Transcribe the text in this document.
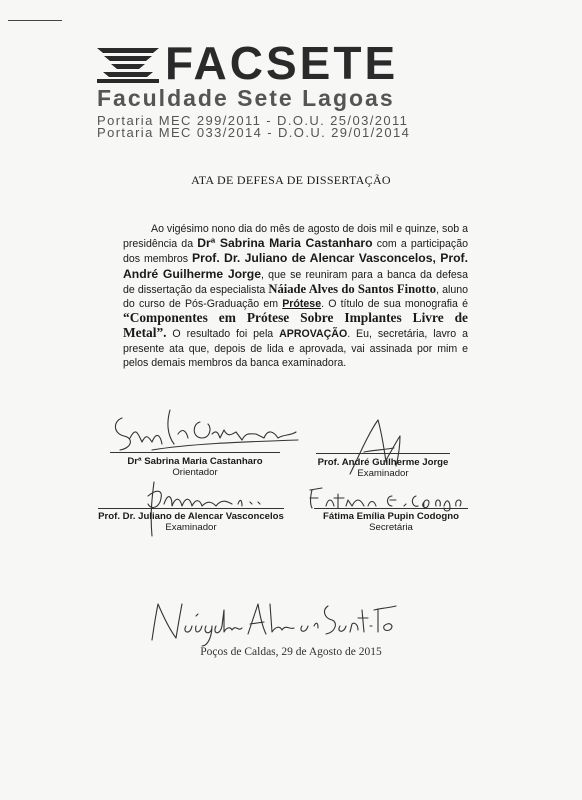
FACSETE
Faculdade Sete Lagoas
Portaria MEC 299/2011 - D.O.U. 25/03/2011
Portaria MEC 033/2014 - D.O.U. 29/01/2014
ATA DE DEFESA DE DISSERTAÇÃO
Ao vigésimo nono dia do mês de agosto de dois mil e quinze, sob a presidência da Drª Sabrina Maria Castanharo com a participação dos membros Prof. Dr. Juliano de Alencar Vasconcelos, Prof. André Guilherme Jorge, que se reuniram para a banca da defesa de dissertação da especialista Náiade Alves do Santos Finotto, aluno do curso de Pós-Graduação em Prótese. O título de sua monografia é “Componentes em Prótese Sobre Implantes Livre de Metal”. O resultado foi pela APROVAÇÃO. Eu, secretária, lavro a presente ata que, depois de lida e aprovada, vai assinada por mim e pelos demais membros da banca examinadora.
Drª Sabrina Maria Castanharo
Orientador
Prof. André Guilherme Jorge
Examinador
Prof. Dr. Juliano de Alencar Vasconcelos
Examinador
Fátima Emília Pupin Codogno
Secretária
Poços de Caldas, 29 de Agosto de 2015
